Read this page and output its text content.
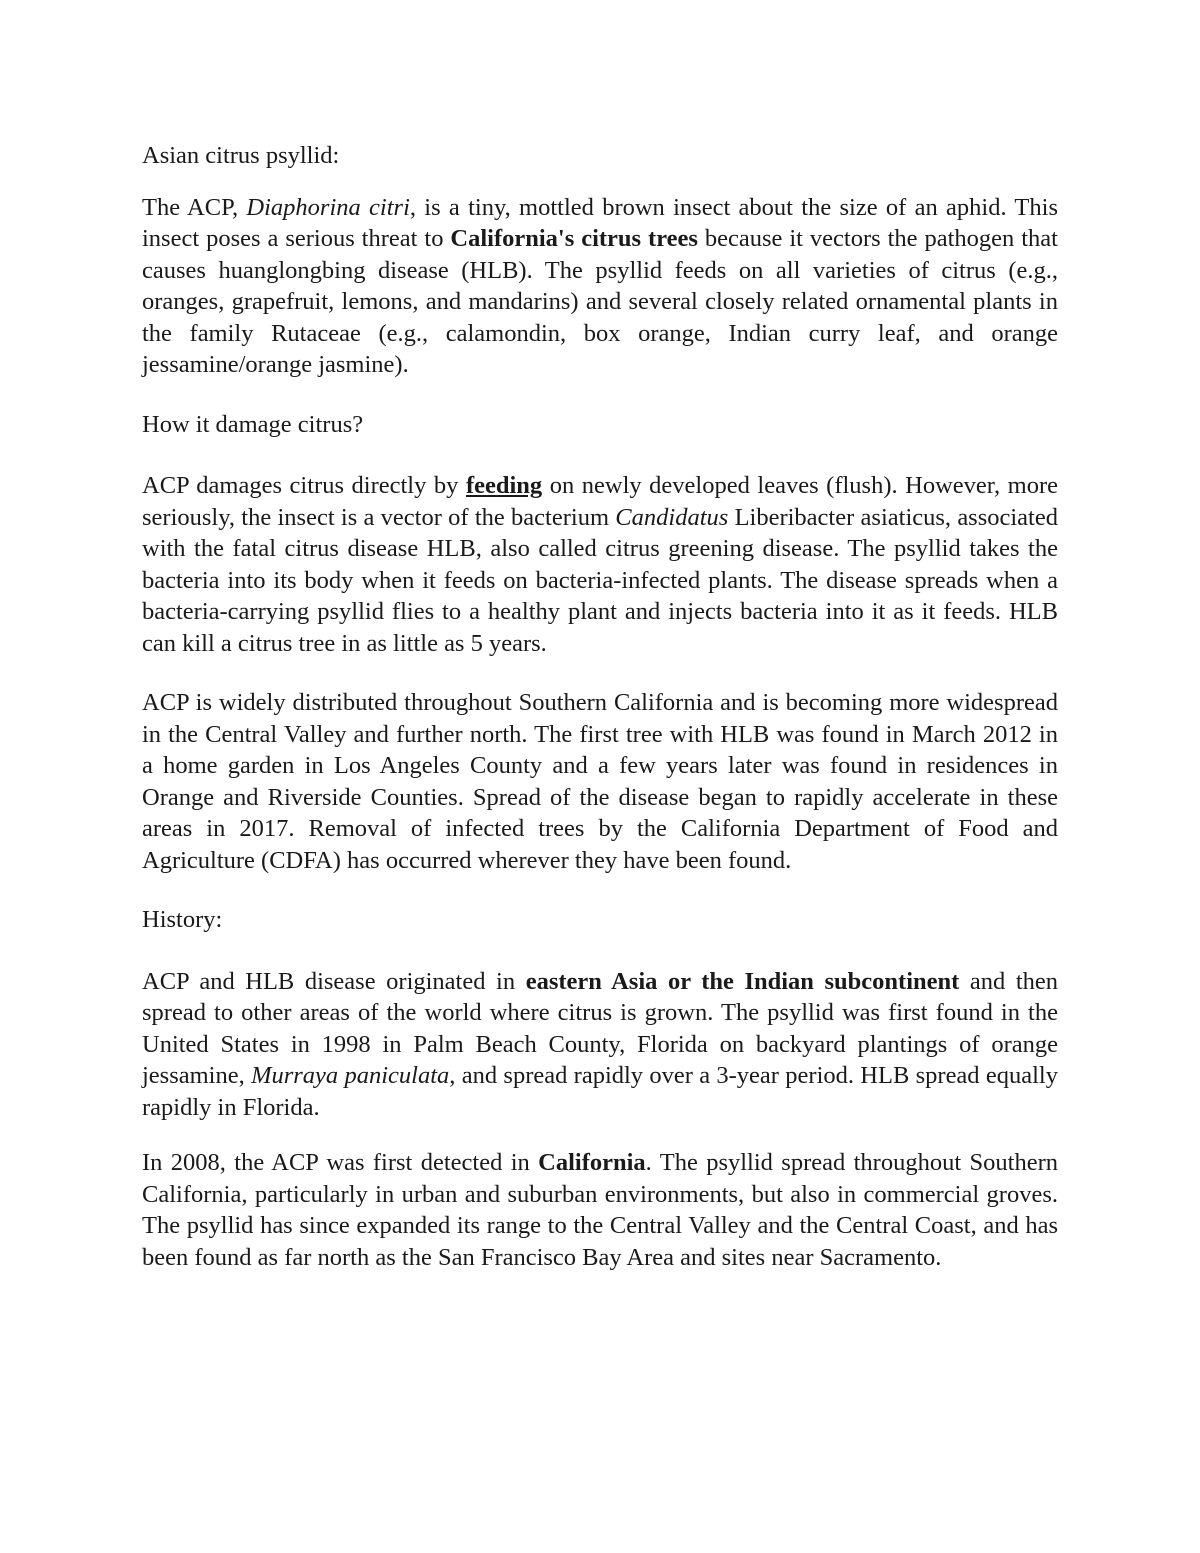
Asian citrus psyllid:

The ACP, Diaphorina citri, is a tiny, mottled brown insect about the size of an aphid. This insect poses a serious threat to California's citrus trees because it vectors the pathogen that causes huanglongbing disease (HLB). The psyllid feeds on all varieties of citrus (e.g., oranges, grapefruit, lemons, and mandarins) and several closely related ornamental plants in the family Rutaceae (e.g., calamondin, box orange, Indian curry leaf, and orange jessamine/orange jasmine).

How it damage citrus?

ACP damages citrus directly by feeding on newly developed leaves (flush). However, more seriously, the insect is a vector of the bacterium Candidatus Liberibacter asiaticus, associated with the fatal citrus disease HLB, also called citrus greening disease. The psyllid takes the bacteria into its body when it feeds on bacteria-infected plants. The disease spreads when a bacteria-carrying psyllid flies to a healthy plant and injects bacteria into it as it feeds. HLB can kill a citrus tree in as little as 5 years.

ACP is widely distributed throughout Southern California and is becoming more widespread in the Central Valley and further north. The first tree with HLB was found in March 2012 in a home garden in Los Angeles County and a few years later was found in residences in Orange and Riverside Counties. Spread of the disease began to rapidly accelerate in these areas in 2017. Removal of infected trees by the California Department of Food and Agriculture (CDFA) has occurred wherever they have been found.

History:

ACP and HLB disease originated in eastern Asia or the Indian subcontinent and then spread to other areas of the world where citrus is grown. The psyllid was first found in the United States in 1998 in Palm Beach County, Florida on backyard plantings of orange jessamine, Murraya paniculata, and spread rapidly over a 3-year period. HLB spread equally rapidly in Florida.

In 2008, the ACP was first detected in California. The psyllid spread throughout Southern California, particularly in urban and suburban environments, but also in commercial groves. The psyllid has since expanded its range to the Central Valley and the Central Coast, and has been found as far north as the San Francisco Bay Area and sites near Sacramento.
